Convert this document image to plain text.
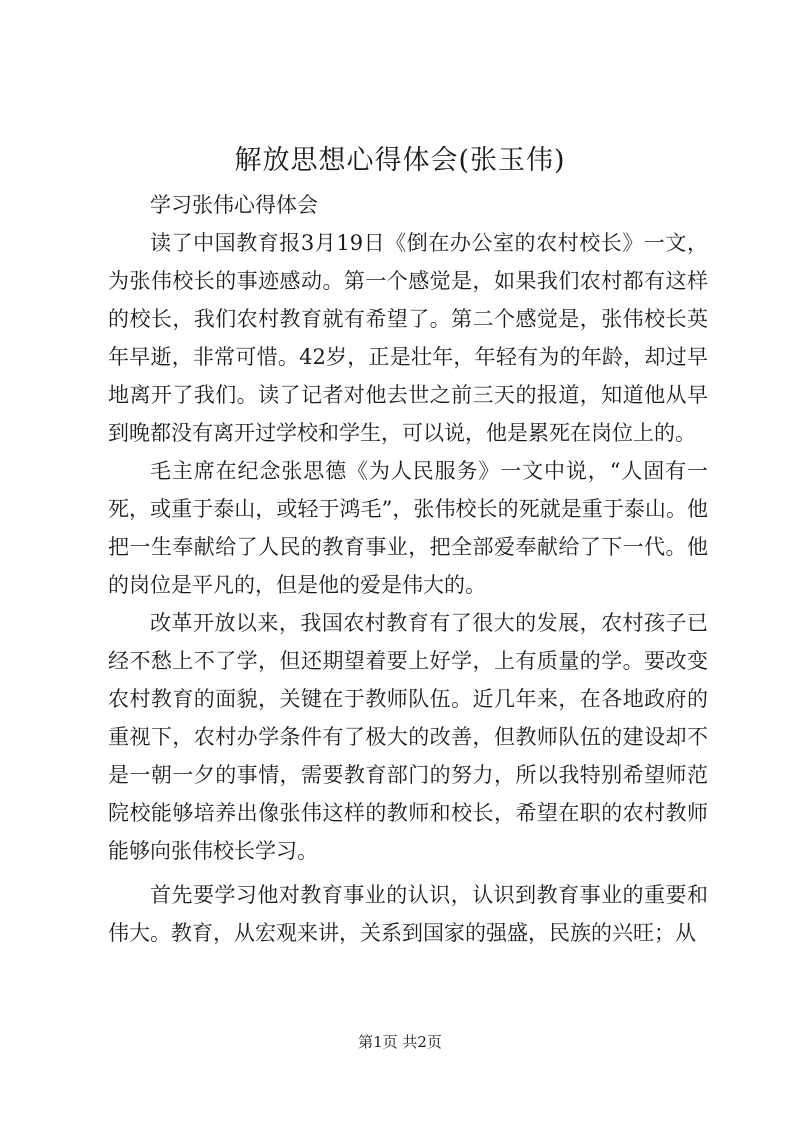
解放思想心得体会(张玉伟)

学习张伟心得体会

读了中国教育报3月19日《倒在办公室的农村校长》一文，为张伟校长的事迹感动。第一个感觉是，如果我们农村都有这样的校长，我们农村教育就有希望了。第二个感觉是，张伟校长英年早逝，非常可惜。42岁，正是壮年，年轻有为的年龄，却过早地离开了我们。读了记者对他去世之前三天的报道，知道他从早到晚都没有离开过学校和学生，可以说，他是累死在岗位上的。

毛主席在纪念张思德《为人民服务》一文中说，“人固有一死，或重于泰山，或轻于鸿毛”，张伟校长的死就是重于泰山。他把一生奉献给了人民的教育事业，把全部爱奉献给了下一代。他的岗位是平凡的，但是他的爱是伟大的。

改革开放以来，我国农村教育有了很大的发展，农村孩子已经不愁上不了学，但还期望着要上好学，上有质量的学。要改变农村教育的面貌，关键在于教师队伍。近几年来，在各地政府的重视下，农村办学条件有了极大的改善，但教师队伍的建设却不是一朝一夕的事情，需要教育部门的努力，所以我特别希望师范院校能够培养出像张伟这样的教师和校长，希望在职的农村教师能够向张伟校长学习。

首先要学习他对教育事业的认识，认识到教育事业的重要和伟大。教育，从宏观来讲，关系到国家的强盛，民族的兴旺；从

第1页 共2页
